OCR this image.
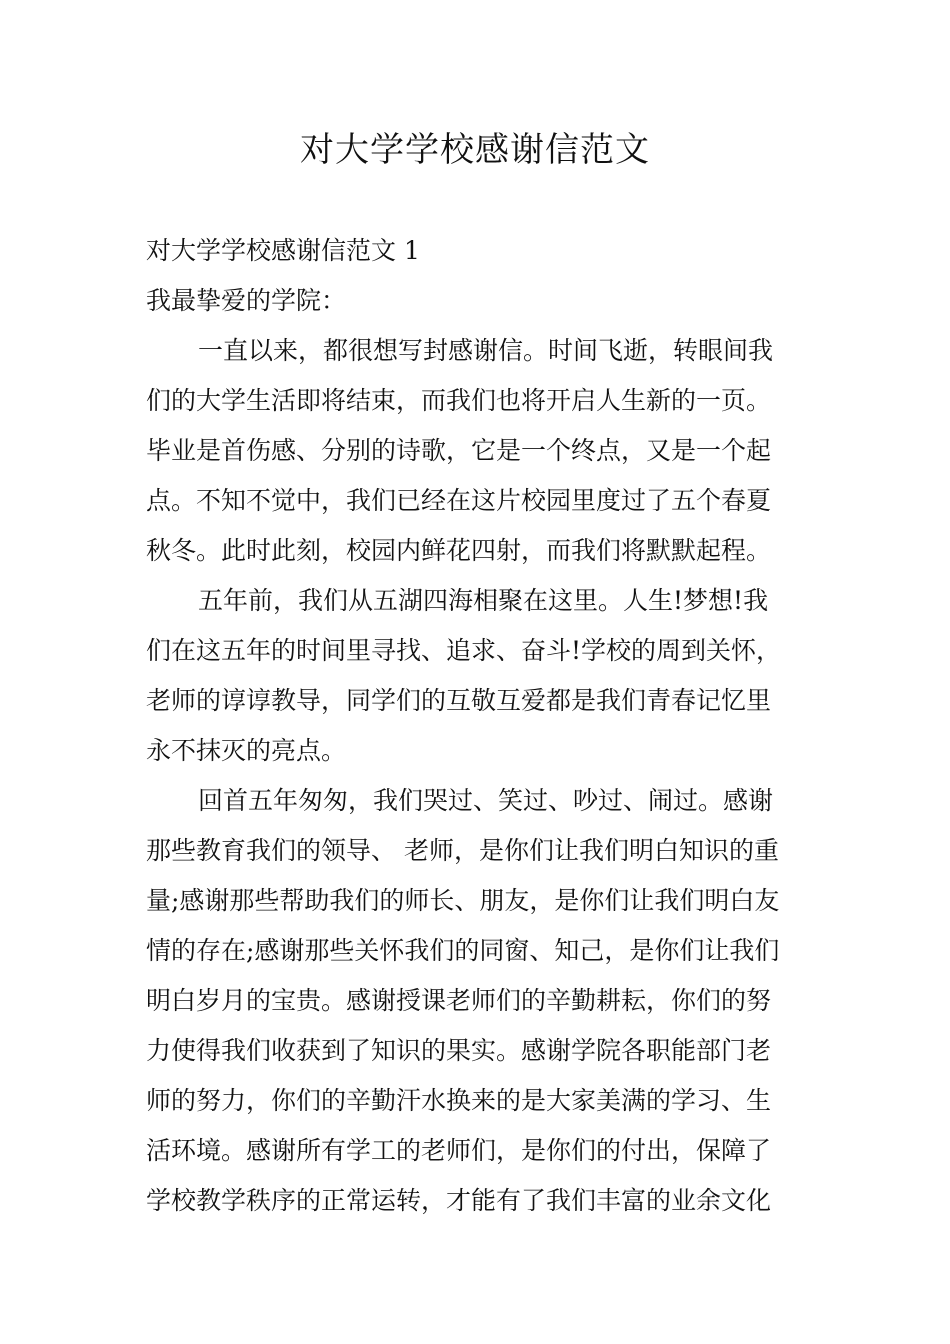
对大学学校感谢信范文
对大学学校感谢信范文 1
我最挚爱的学院：
一直以来，都很想写封感谢信。时间飞逝，转眼间我
们的大学生活即将结束，而我们也将开启人生新的一页。
毕业是首伤感、分别的诗歌，它是一个终点，又是一个起
点。不知不觉中，我们已经在这片校园里度过了五个春夏
秋冬。此时此刻，校园内鲜花四射，而我们将默默起程。
五年前，我们从五湖四海相聚在这里。人生!梦想!我
们在这五年的时间里寻找、追求、奋斗!学校的周到关怀，
老师的谆谆教导，同学们的互敬互爱都是我们青春记忆里
永不抹灭的亮点。
回首五年匆匆，我们哭过、笑过、吵过、闹过。感谢
那些教育我们的领导、 老师，是你们让我们明白知识的重
量;感谢那些帮助我们的师长、朋友，是你们让我们明白友
情的存在;感谢那些关怀我们的同窗、知己，是你们让我们
明白岁月的宝贵。感谢授课老师们的辛勤耕耘，你们的努
力使得我们收获到了知识的果实。感谢学院各职能部门老
师的努力，你们的辛勤汗水换来的是大家美满的学习、生
活环境。感谢所有学工的老师们，是你们的付出，保障了
学校教学秩序的正常运转，才能有了我们丰富的业余文化
